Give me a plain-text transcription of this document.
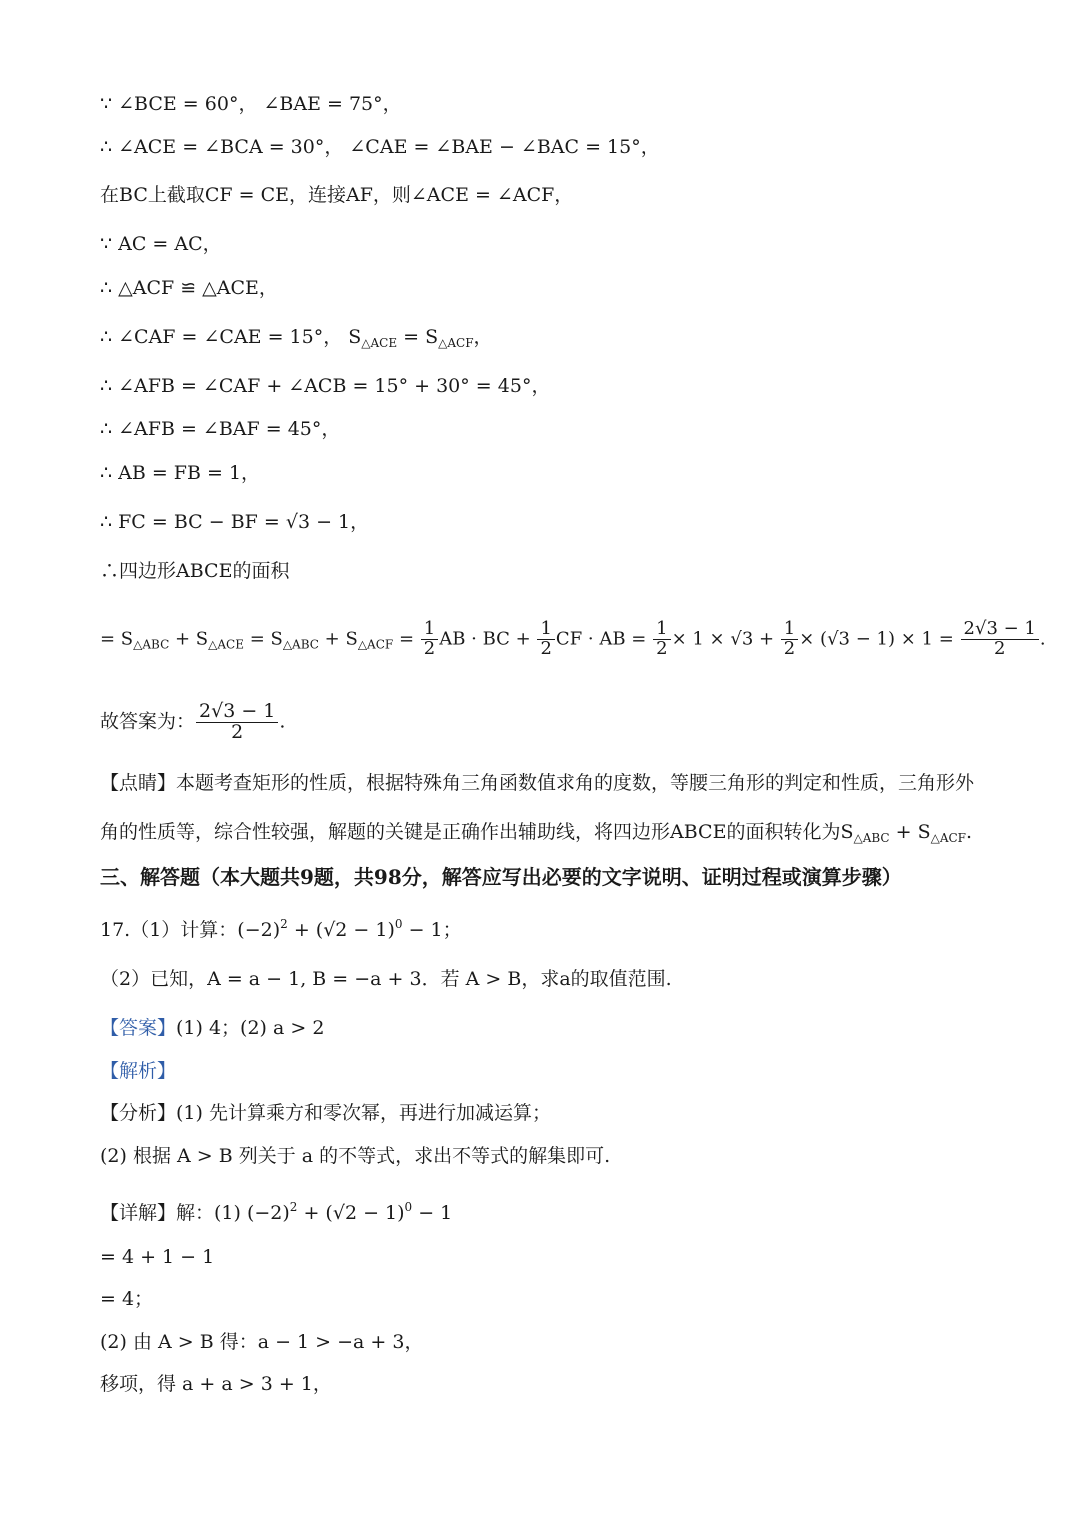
∵ ∠BCE = 60°， ∠BAE = 75°，
∴ ∠ACE = ∠BCA = 30°， ∠CAE = ∠BAE − ∠BAC = 15°，
在BC上截取CF = CE，连接AF，则∠ACE = ∠ACF，
∵ AC = AC，
∴ △ACF ≌ △ACE，
∴ ∠CAF = ∠CAE = 15°， $S_{\triangle ACE} = S_{\triangle ACF}$，
∴ ∠AFB = ∠CAF + ∠ACB = 15° + 30° = 45°，
∴ ∠AFB = ∠BAF = 45°，
∴ AB = FB = 1，
∴ FC = BC − BF = √3 − 1，
∴四边形ABCE的面积
= $S_{\triangle ABC} + S_{\triangle ACE} = S_{\triangle ABC} + S_{\triangle ACF} = \frac{1}{2}$ AB · BC + $\frac{1}{2}$ CF · AB = $\frac{1}{2} \times 1 \times √3 + \frac{1}{2} \times (√3 - 1) \times 1 = \frac{2√3 - 1}{2}$ .
故答案为： $\frac{2√3 - 1}{2}$ .
【点睛】本题考查矩形的性质，根据特殊角三角函数值求角的度数，等腰三角形的判定和性质，三角形外
角的性质等，综合性较强，解题的关键是正确作出辅助线，将四边形ABCE的面积转化为$S_{\triangle ABC} + S_{\triangle ACF}$.
三、解答题（本大题共9题，共98分，解答应写出必要的文字说明、证明过程或演算步骤）
17.（1）计算：$(-2)^2 + (√2 - 1)^0 - 1$；
（2）已知，A = a − 1, B = −a + 3．若 A > B，求a的取值范围.
【答案】(1) 4；(2) a > 2
【解析】
【分析】(1) 先计算乘方和零次幂，再进行加减运算；
(2) 根据 A > B 列关于 a 的不等式，求出不等式的解集即可.
【详解】解：(1) $(-2)^2 + (√2 - 1)^0 - 1$
= 4 + 1 − 1
= 4；
(2) 由 A > B 得：a − 1 > −a + 3，
移项，得 a + a > 3 + 1，
